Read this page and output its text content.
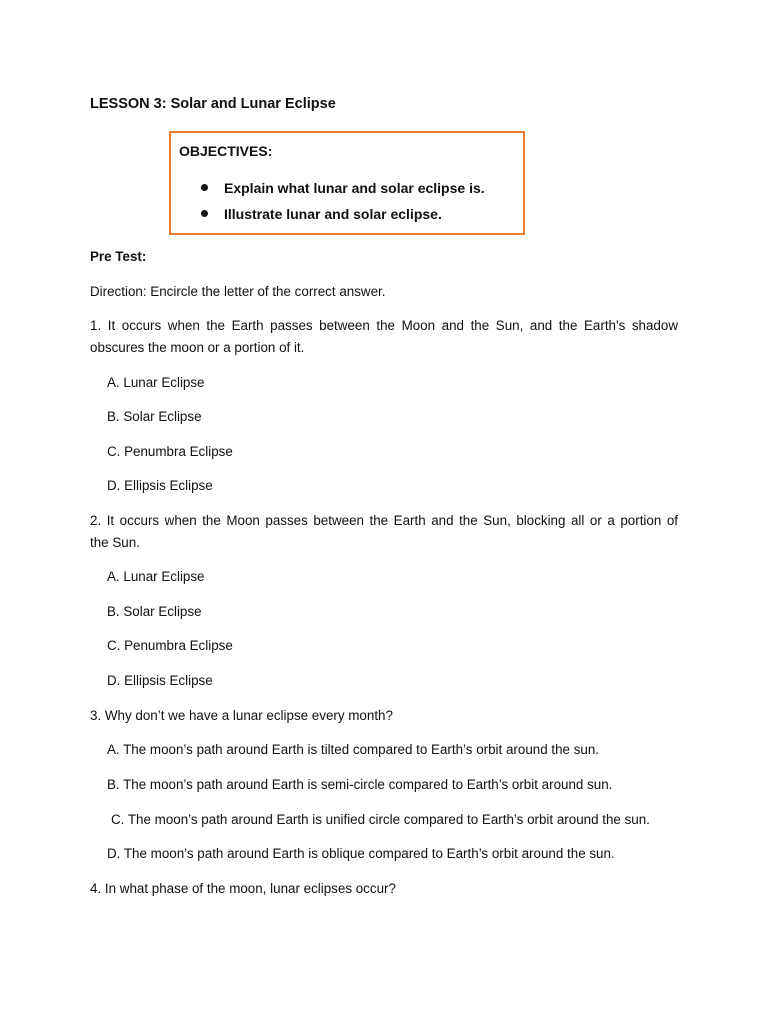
LESSON 3: Solar and Lunar Eclipse

OBJECTIVES:

Explain what lunar and solar eclipse is.
Illustrate lunar and solar eclipse.

Pre Test:

Direction: Encircle the letter of the correct answer.

1. It occurs when the Earth passes between the Moon and the Sun, and the Earth's shadow
obscures the moon or a portion of it.

A. Lunar Eclipse

B. Solar Eclipse

C. Penumbra Eclipse

D. Ellipsis Eclipse

2. It occurs when the Moon passes between the Earth and the Sun, blocking all or a portion of
the Sun.

A. Lunar Eclipse

B. Solar Eclipse

C. Penumbra Eclipse

D. Ellipsis Eclipse

3. Why don’t we have a lunar eclipse every month?

A. The moon’s path around Earth is tilted compared to Earth’s orbit around the sun.

B. The moon’s path around Earth is semi-circle compared to Earth’s orbit around sun.

C. The moon’s path around Earth is unified circle compared to Earth’s orbit around the sun.

D. The moon’s path around Earth is oblique compared to Earth’s orbit around the sun.

4. In what phase of the moon, lunar eclipses occur?
